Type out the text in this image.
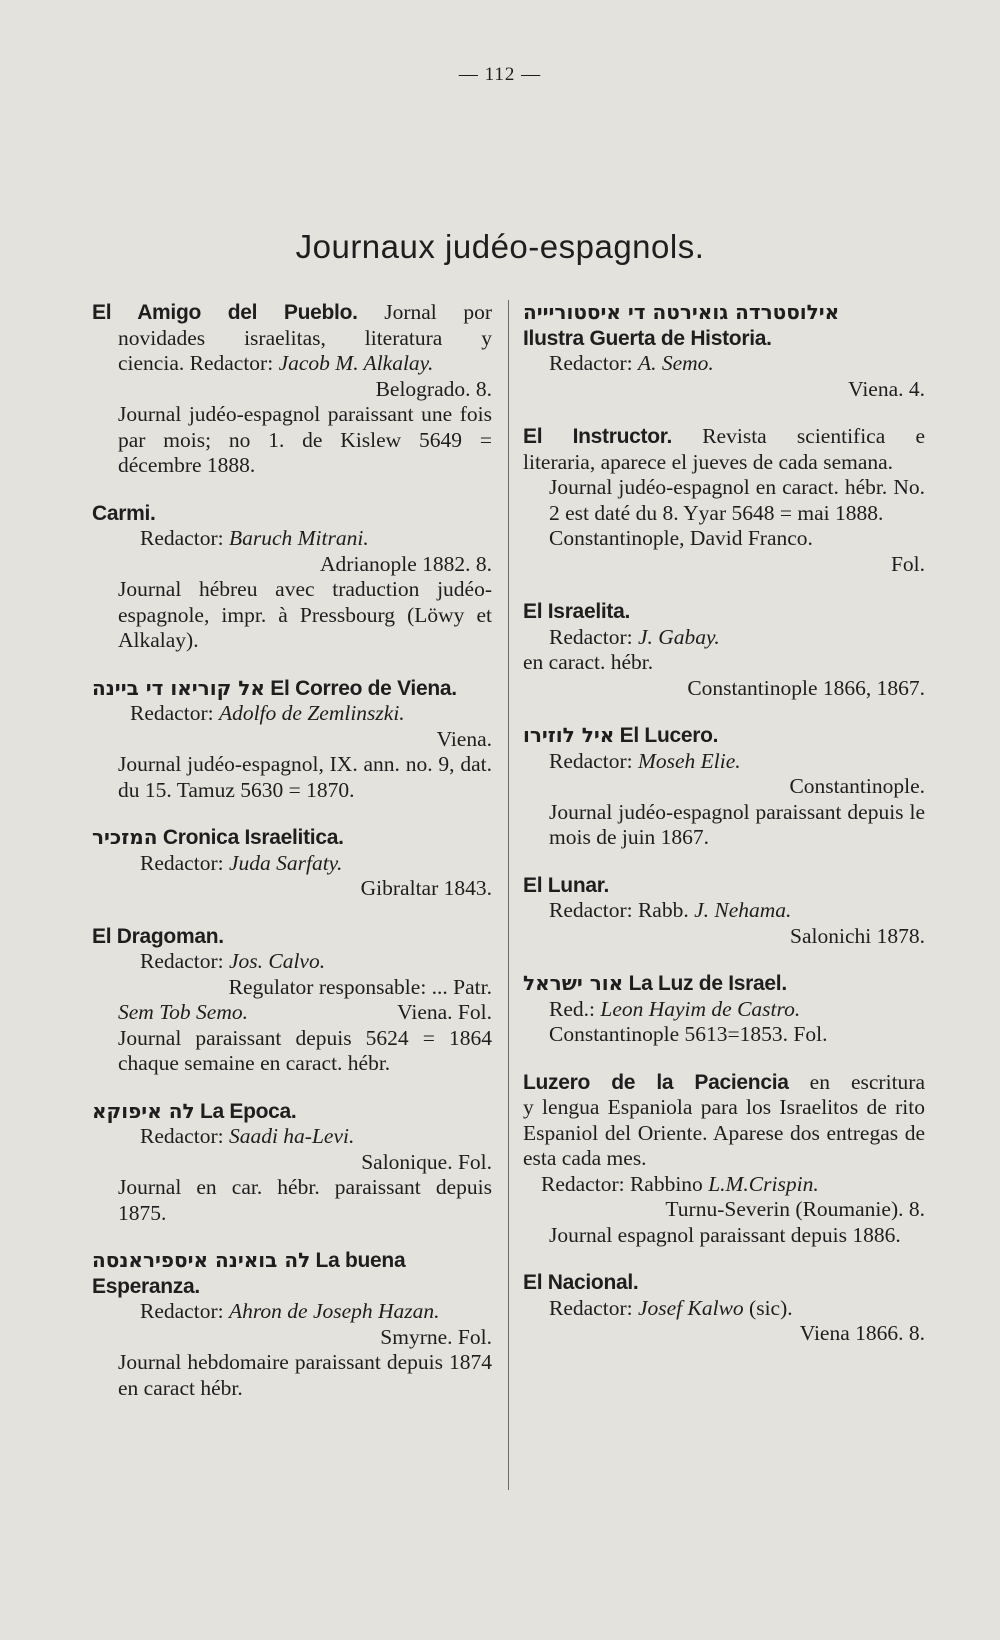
— 112 —
Journaux judéo-espagnols.
El Amigo del Pueblo. Jornal por
novidades israelitas, literatura y
ciencia. Redactor: Jacob M. Alkalay.
Belogrado. 8.
Journal judéo-espagnol paraissant une fois par mois; no 1. de Kislew 5649 = décembre 1888.
Carmi.
Redactor: Baruch Mitrani.
Adrianople 1882. 8.
Journal hébreu avec traduction judéo-espagnole, impr. à Pressbourg (Löwy et Alkalay).
אל קוריאו די ביינה El Correo de Viena.
Redactor: Adolfo de Zemlinszki.
Viena.
Journal judéo-espagnol, IX. ann. no. 9, dat. du 15. Tamuz 5630 = 1870.
המזכיר Cronica Israelitica.
Redactor: Juda Sarfaty.
Gibraltar 1843.
El Dragoman.
Redactor: Jos. Calvo.
Regulator responsable: ... Patr.
Sem Tob Semo.	Viena. Fol.
Journal paraissant depuis 5624 = 1864 chaque semaine en caract. hébr.
לה איפוקא La Epoca.
Redactor: Saadi ha-Levi.
Salonique. Fol.
Journal en car. hébr. paraissant depuis 1875.
לה בואינה איספיראנסה La buena Esperanza.
Redactor: Ahron de Joseph Hazan.
Smyrne. Fol.
Journal hebdomaire paraissant depuis 1874 en caract hébr.
אילוסטרדה גואירטה די איסטוריייה
Ilustra Guerta de Historia.
Redactor: A. Semo.
Viena. 4.
El Instructor. Revista scientifica e
literaria, aparece el jueves de cada semana.
Journal judéo-espagnol en caract. hébr. No. 2 est daté du 8. Yyar 5648 = mai 1888.
Constantinople, David Franco.
Fol.
El Israelita.
Redactor: J. Gabay.
en caract. hébr.
Constantinople 1866, 1867.
איל לוזירו El Lucero.
Redactor: Moseh Elie.
Constantinople.
Journal judéo-espagnol paraissant depuis le mois de juin 1867.
El Lunar.
Redactor: Rabb. J. Nehama.
Salonichi 1878.
אור ישראל La Luz de Israel.
Red.: Leon Hayim de Castro.
Constantinople 5613=1853. Fol.
Luzero de la Paciencia en escritura
y lengua Espaniola para los Israelitos de rito Espaniol del Oriente. Aparese dos entregas de esta cada mes.
Redactor: Rabbino L.M.Crispin.
Turnu-Severin (Roumanie). 8.
Journal espagnol paraissant depuis 1886.
El Nacional.
Redactor: Josef Kalwo (sic).
Viena 1866. 8.
